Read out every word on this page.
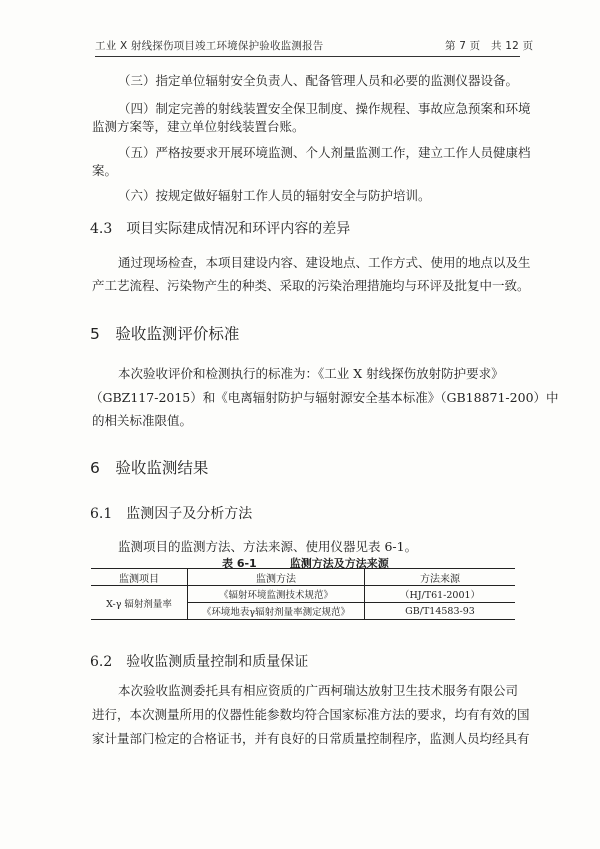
工业 X 射线探伤项目竣工环境保护验收监测报告	第 7 页　共 12 页
（三）指定单位辐射安全负责人、配备管理人员和必要的监测仪器设备。
（四）制定完善的射线装置安全保卫制度、操作规程、事故应急预案和环境
监测方案等，建立单位射线装置台账。
（五）严格按要求开展环境监测、个人剂量监测工作，建立工作人员健康档
案。
（六）按规定做好辐射工作人员的辐射安全与防护培训。
4.3　项目实际建成情况和环评内容的差异
通过现场检查，本项目建设内容、建设地点、工作方式、使用的地点以及生
产工艺流程、污染物产生的种类、采取的污染治理措施均与环评及批复中一致。
5　验收监测评价标准
本次验收评价和检测执行的标准为：《工业 X 射线探伤放射防护要求》
（GBZ117-2015）和《电离辐射防护与辐射源安全基本标准》（GB18871-200）中
的相关标准限值。
6　验收监测结果
6.1　监测因子及分析方法
监测项目的监测方法、方法来源、使用仪器见表 6-1。
表 6-1　　　监测方法及方法来源
监测项目	监测方法	方法来源
X-γ 辐射剂量率	《辐射环境监测技术规范》	（HJ/T61-2001）
	《环境地表γ辐射剂量率测定规范》	GB/T14583-93
6.2　验收监测质量控制和质量保证
本次验收监测委托具有相应资质的广西柯瑞达放射卫生技术服务有限公司
进行，本次测量所用的仪器性能参数均符合国家标准方法的要求，均有有效的国
家计量部门检定的合格证书，并有良好的日常质量控制程序，监测人员均经具有
